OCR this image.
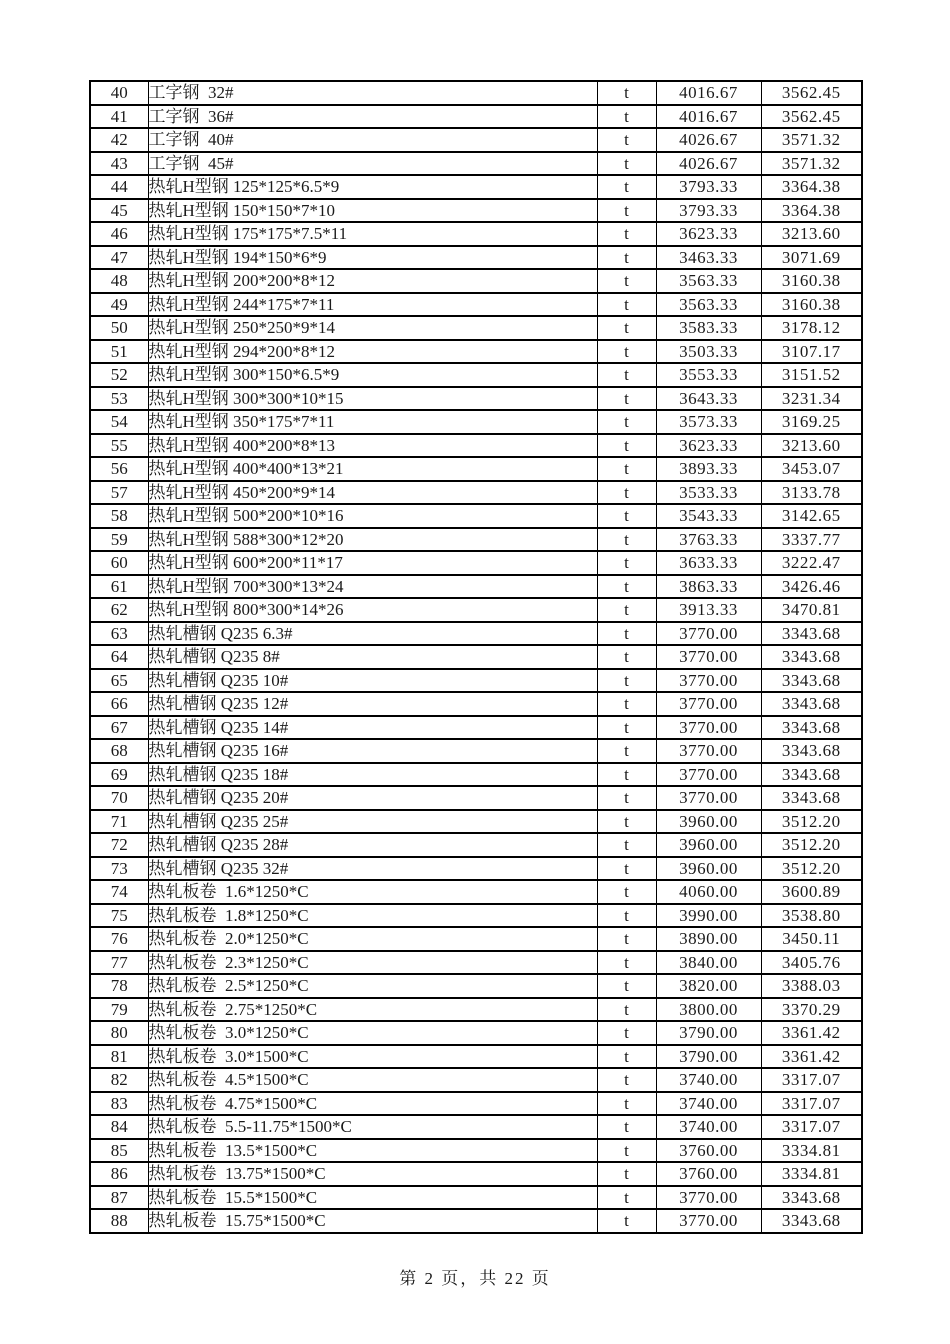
40	工字钢  32#	t	4016.67	3562.45
41	工字钢  36#	t	4016.67	3562.45
42	工字钢  40#	t	4026.67	3571.32
43	工字钢  45#	t	4026.67	3571.32
44	热轧H型钢 125*125*6.5*9	t	3793.33	3364.38
45	热轧H型钢 150*150*7*10	t	3793.33	3364.38
46	热轧H型钢 175*175*7.5*11	t	3623.33	3213.60
47	热轧H型钢 194*150*6*9	t	3463.33	3071.69
48	热轧H型钢 200*200*8*12	t	3563.33	3160.38
49	热轧H型钢 244*175*7*11	t	3563.33	3160.38
50	热轧H型钢 250*250*9*14	t	3583.33	3178.12
51	热轧H型钢 294*200*8*12	t	3503.33	3107.17
52	热轧H型钢 300*150*6.5*9	t	3553.33	3151.52
53	热轧H型钢 300*300*10*15	t	3643.33	3231.34
54	热轧H型钢 350*175*7*11	t	3573.33	3169.25
55	热轧H型钢 400*200*8*13	t	3623.33	3213.60
56	热轧H型钢 400*400*13*21	t	3893.33	3453.07
57	热轧H型钢 450*200*9*14	t	3533.33	3133.78
58	热轧H型钢 500*200*10*16	t	3543.33	3142.65
59	热轧H型钢 588*300*12*20	t	3763.33	3337.77
60	热轧H型钢 600*200*11*17	t	3633.33	3222.47
61	热轧H型钢 700*300*13*24	t	3863.33	3426.46
62	热轧H型钢 800*300*14*26	t	3913.33	3470.81
63	热轧槽钢 Q235 6.3#	t	3770.00	3343.68
64	热轧槽钢 Q235 8#	t	3770.00	3343.68
65	热轧槽钢 Q235 10#	t	3770.00	3343.68
66	热轧槽钢 Q235 12#	t	3770.00	3343.68
67	热轧槽钢 Q235 14#	t	3770.00	3343.68
68	热轧槽钢 Q235 16#	t	3770.00	3343.68
69	热轧槽钢 Q235 18#	t	3770.00	3343.68
70	热轧槽钢 Q235 20#	t	3770.00	3343.68
71	热轧槽钢 Q235 25#	t	3960.00	3512.20
72	热轧槽钢 Q235 28#	t	3960.00	3512.20
73	热轧槽钢 Q235 32#	t	3960.00	3512.20
74	热轧板卷  1.6*1250*C	t	4060.00	3600.89
75	热轧板卷  1.8*1250*C	t	3990.00	3538.80
76	热轧板卷  2.0*1250*C	t	3890.00	3450.11
77	热轧板卷  2.3*1250*C	t	3840.00	3405.76
78	热轧板卷  2.5*1250*C	t	3820.00	3388.03
79	热轧板卷  2.75*1250*C	t	3800.00	3370.29
80	热轧板卷  3.0*1250*C	t	3790.00	3361.42
81	热轧板卷  3.0*1500*C	t	3790.00	3361.42
82	热轧板卷  4.5*1500*C	t	3740.00	3317.07
83	热轧板卷  4.75*1500*C	t	3740.00	3317.07
84	热轧板卷  5.5-11.75*1500*C	t	3740.00	3317.07
85	热轧板卷  13.5*1500*C	t	3760.00	3334.81
86	热轧板卷  13.75*1500*C	t	3760.00	3334.81
87	热轧板卷  15.5*1500*C	t	3770.00	3343.68
88	热轧板卷  15.75*1500*C	t	3770.00	3343.68
第 2 页，共 22 页
